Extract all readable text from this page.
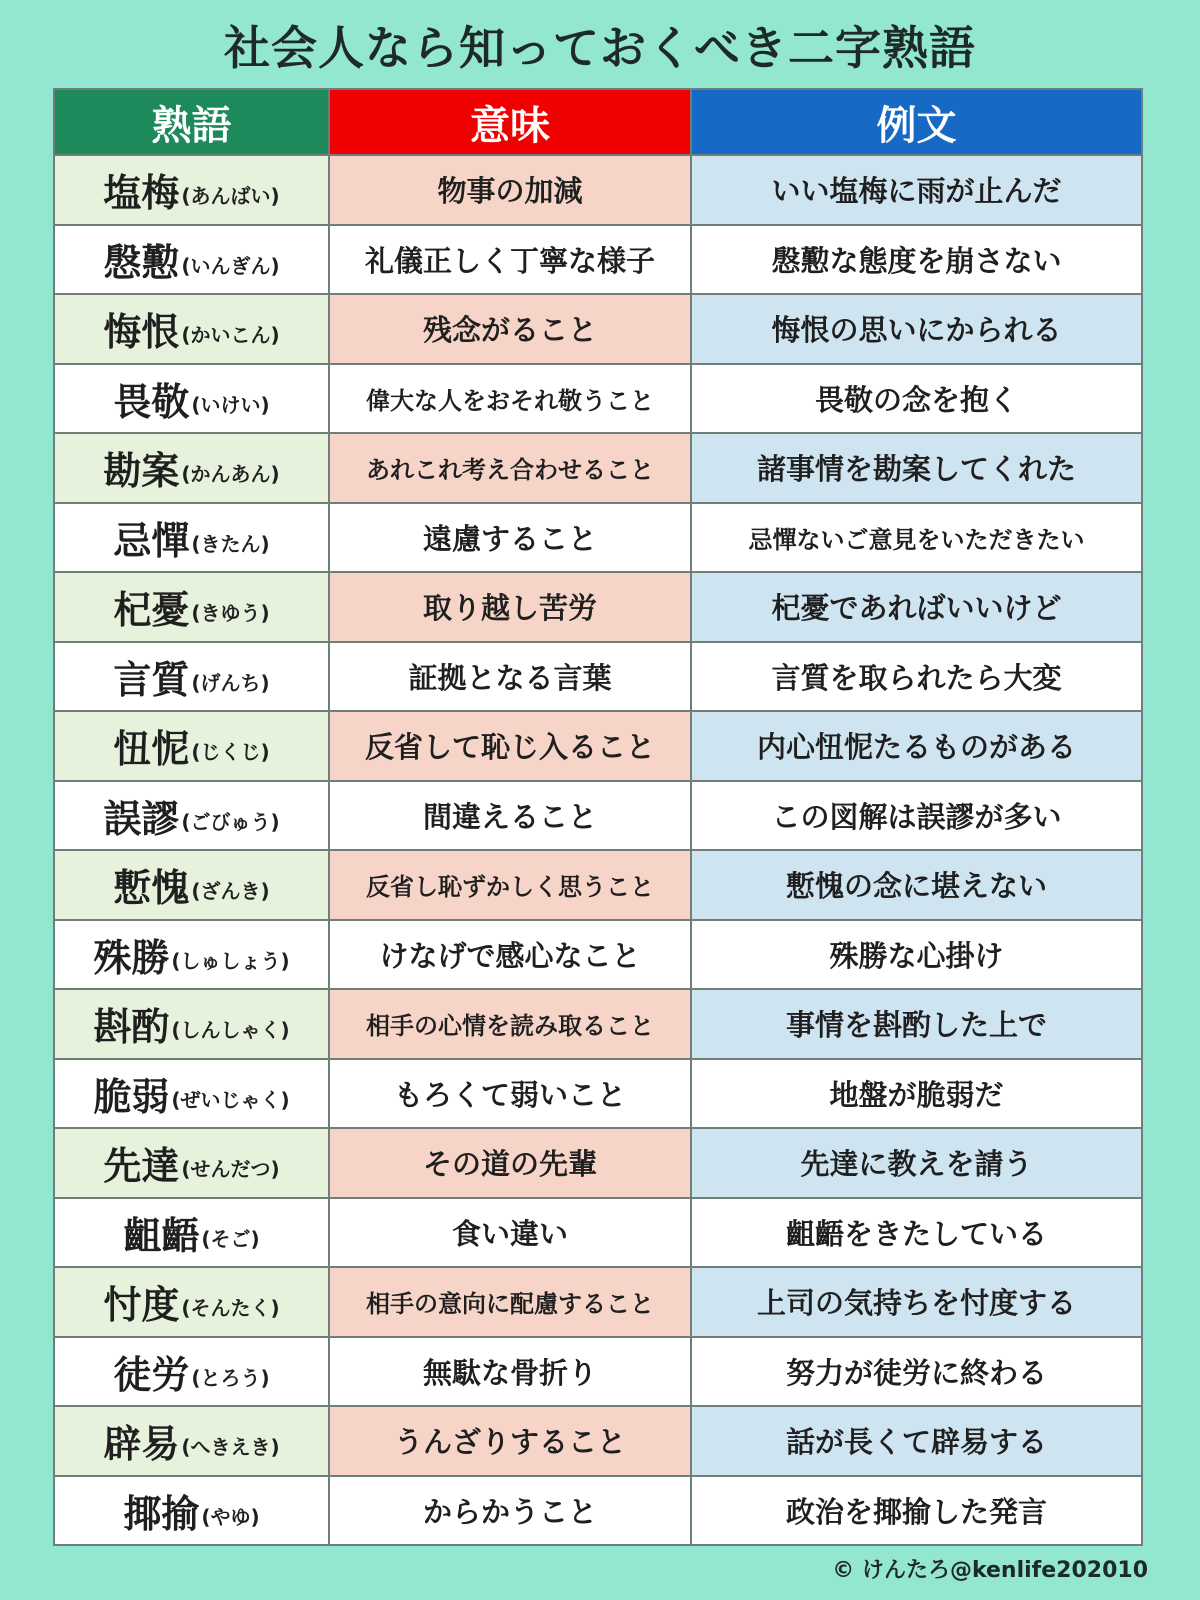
社会人なら知っておくべき二字熟語
熟語	意味	例文
塩梅 (あんばい)	物事の加減	いい塩梅に雨が止んだ
慇懃 (いんぎん)	礼儀正しく丁寧な様子	慇懃な態度を崩さない
悔恨 (かいこん)	残念がること	悔恨の思いにかられる
畏敬 (いけい)	偉大な人をおそれ敬うこと	畏敬の念を抱く
勘案 (かんあん)	あれこれ考え合わせること	諸事情を勘案してくれた
忌憚 (きたん)	遠慮すること	忌憚ないご意見をいただきたい
杞憂 (きゆう)	取り越し苦労	杞憂であればいいけど
言質 (げんち)	証拠となる言葉	言質を取られたら大変
忸怩 (じくじ)	反省して恥じ入ること	内心忸怩たるものがある
誤謬 (ごびゅう)	間違えること	この図解は誤謬が多い
慙愧 (ざんき)	反省し恥ずかしく思うこと	慙愧の念に堪えない
殊勝 (しゅしょう)	けなげで感心なこと	殊勝な心掛け
斟酌 (しんしゃく)	相手の心情を読み取ること	事情を斟酌した上で
脆弱 (ぜいじゃく)	もろくて弱いこと	地盤が脆弱だ
先達 (せんだつ)	その道の先輩	先達に教えを請う
齟齬 (そご)	食い違い	齟齬をきたしている
忖度 (そんたく)	相手の意向に配慮すること	上司の気持ちを忖度する
徒労 (とろう)	無駄な骨折り	努力が徒労に終わる
辟易 (へきえき)	うんざりすること	話が長くて辟易する
揶揄 (やゆ)	からかうこと	政治を揶揄した発言
© けんたろ@kenlife202010
